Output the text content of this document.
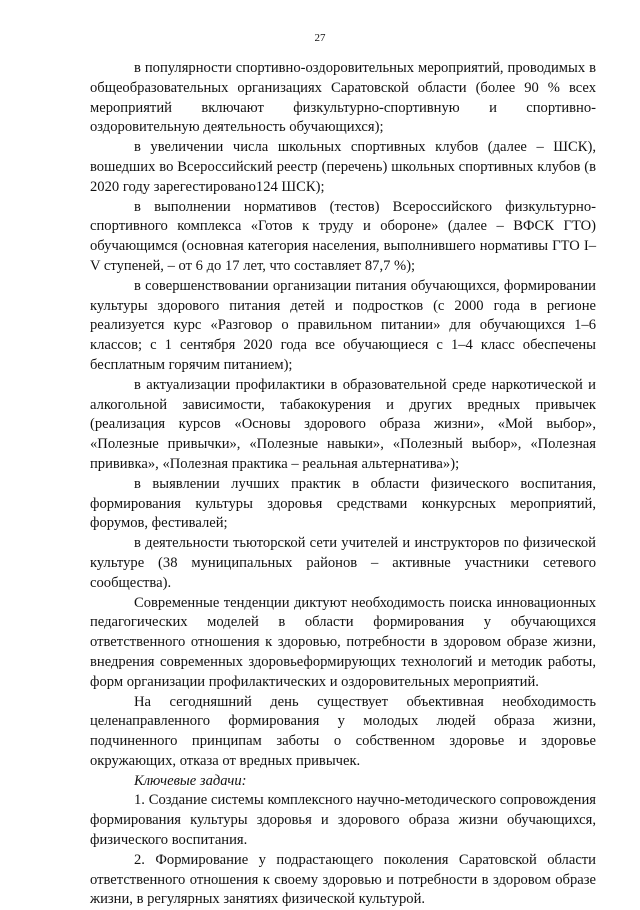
27

в популярности спортивно-оздоровительных мероприятий, проводимых в общеобразовательных организациях Саратовской области (более 90 % всех мероприятий включают физкультурно-спортивную и спортивно-оздоровительную деятельность обучающихся);

в увеличении числа школьных спортивных клубов (далее – ШСК), вошедших во Всероссийский реестр (перечень) школьных спортивных клубов (в 2020 году зарегестировано124 ШСК);

в выполнении нормативов (тестов) Всероссийского физкультурно-спортивного комплекса «Готов к труду и обороне» (далее – ВФСК ГТО) обучающимся (основная категория населения, выполнившего нормативы ГТО I–V ступеней, – от 6 до 17 лет, что составляет 87,7 %);

в совершенствовании организации питания обучающихся, формировании культуры здорового питания детей и подростков (с 2000 года в регионе реализуется курс «Разговор о правильном питании» для обучающихся 1–6 классов; с 1 сентября 2020 года все обучающиеся с 1–4 класс обеспечены бесплатным горячим питанием);

в актуализации профилактики в образовательной среде наркотической и алкогольной зависимости, табакокурения и других вредных привычек (реализация курсов «Основы здорового образа жизни», «Мой выбор», «Полезные привычки», «Полезные навыки», «Полезный выбор», «Полезная прививка», «Полезная практика – реальная альтернатива»);

в выявлении лучших практик в области физического воспитания, формирования культуры здоровья средствами конкурсных мероприятий, форумов, фестивалей;

в деятельности тьюторской сети учителей и инструкторов по физической культуре (38 муниципальных районов – активные участники сетевого сообщества).

Современные тенденции диктуют необходимость поиска инновационных педагогических моделей в области формирования у обучающихся ответственного отношения к здоровью, потребности в здоровом образе жизни, внедрения современных здоровьеформирующих технологий и методик работы, форм организации профилактических и оздоровительных мероприятий.

На сегодняшний день существует объективная необходимость целенаправленного формирования у молодых людей образа жизни, подчиненного принципам заботы о собственном здоровье и здоровье окружающих, отказа от вредных привычек.

Ключевые задачи:

1. Создание системы комплексного научно-методического сопровождения формирования культуры здоровья и здорового образа жизни обучающихся, физического воспитания.

2. Формирование у подрастающего поколения Саратовской области ответственного отношения к своему здоровью и потребности в здоровом образе жизни, в регулярных занятиях физической культурой.
